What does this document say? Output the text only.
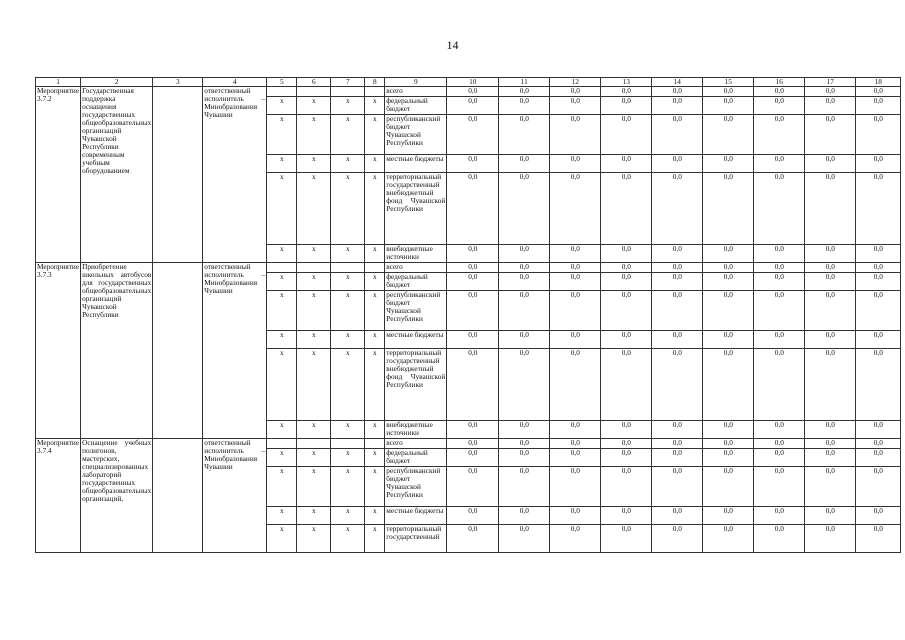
14
1	2	3	4	5	6	7	8	9	10	11	12	13	14	15	16	17	18
Мероприятие 3.7.2	Государственная поддержка оснащения государственных общеобразовательных организаций Чувашской Республики современным учебным оборудованием		ответственный исполнитель – Минобразования Чувашии					всего	0,0	0,0	0,0	0,0	0,0	0,0	0,0	0,0	0,0
				x	x	x	x	федеральный бюджет	0,0	0,0	0,0	0,0	0,0	0,0	0,0	0,0	0,0
				x	x	x	x	республиканский бюджет Чувашской Республики	0,0	0,0	0,0	0,0	0,0	0,0	0,0	0,0	0,0
				x	x	x	x	местные бюджеты	0,0	0,0	0,0	0,0	0,0	0,0	0,0	0,0	0,0
				x	x	x	x	территориальный государственный внебюджетный фонд Чувашской Республики	0,0	0,0	0,0	0,0	0,0	0,0	0,0	0,0	0,0
				x	x	x	x	внебюджетные источники	0,0	0,0	0,0	0,0	0,0	0,0	0,0	0,0	0,0
Мероприятие 3.7.3	Приобретение школьных автобусов для государственных общеобразовательных организаций Чувашской Республики		ответственный исполнитель – Минобразования Чувашии					всего	0,0	0,0	0,0	0,0	0,0	0,0	0,0	0,0	0,0
				x	x	x	x	федеральный бюджет	0,0	0,0	0,0	0,0	0,0	0,0	0,0	0,0	0,0
				x	x	x	x	республиканский бюджет Чувашской Республики	0,0	0,0	0,0	0,0	0,0	0,0	0,0	0,0	0,0
				x	x	x	x	местные бюджеты	0,0	0,0	0,0	0,0	0,0	0,0	0,0	0,0	0,0
				x	x	x	x	территориальный государственный внебюджетный фонд Чувашской Республики	0,0	0,0	0,0	0,0	0,0	0,0	0,0	0,0	0,0
				x	x	x	x	внебюджетные источники	0,0	0,0	0,0	0,0	0,0	0,0	0,0	0,0	0,0
Мероприятие 3.7.4	Оснащение учебных полигонов, мастерских, специализированных лабораторий государственных общеобразовательных организаций,		ответственный исполнитель – Минобразования Чувашии					всего	0,0	0,0	0,0	0,0	0,0	0,0	0,0	0,0	0,0
				x	x	x	x	федеральный бюджет	0,0	0,0	0,0	0,0	0,0	0,0	0,0	0,0	0,0
				x	x	x	x	республиканский бюджет Чувашской Республики	0,0	0,0	0,0	0,0	0,0	0,0	0,0	0,0	0,0
				x	x	x	x	местные бюджеты	0,0	0,0	0,0	0,0	0,0	0,0	0,0	0,0	0,0
				x	x	x	x	территориальный государственный	0,0	0,0	0,0	0,0	0,0	0,0	0,0	0,0	0,0
